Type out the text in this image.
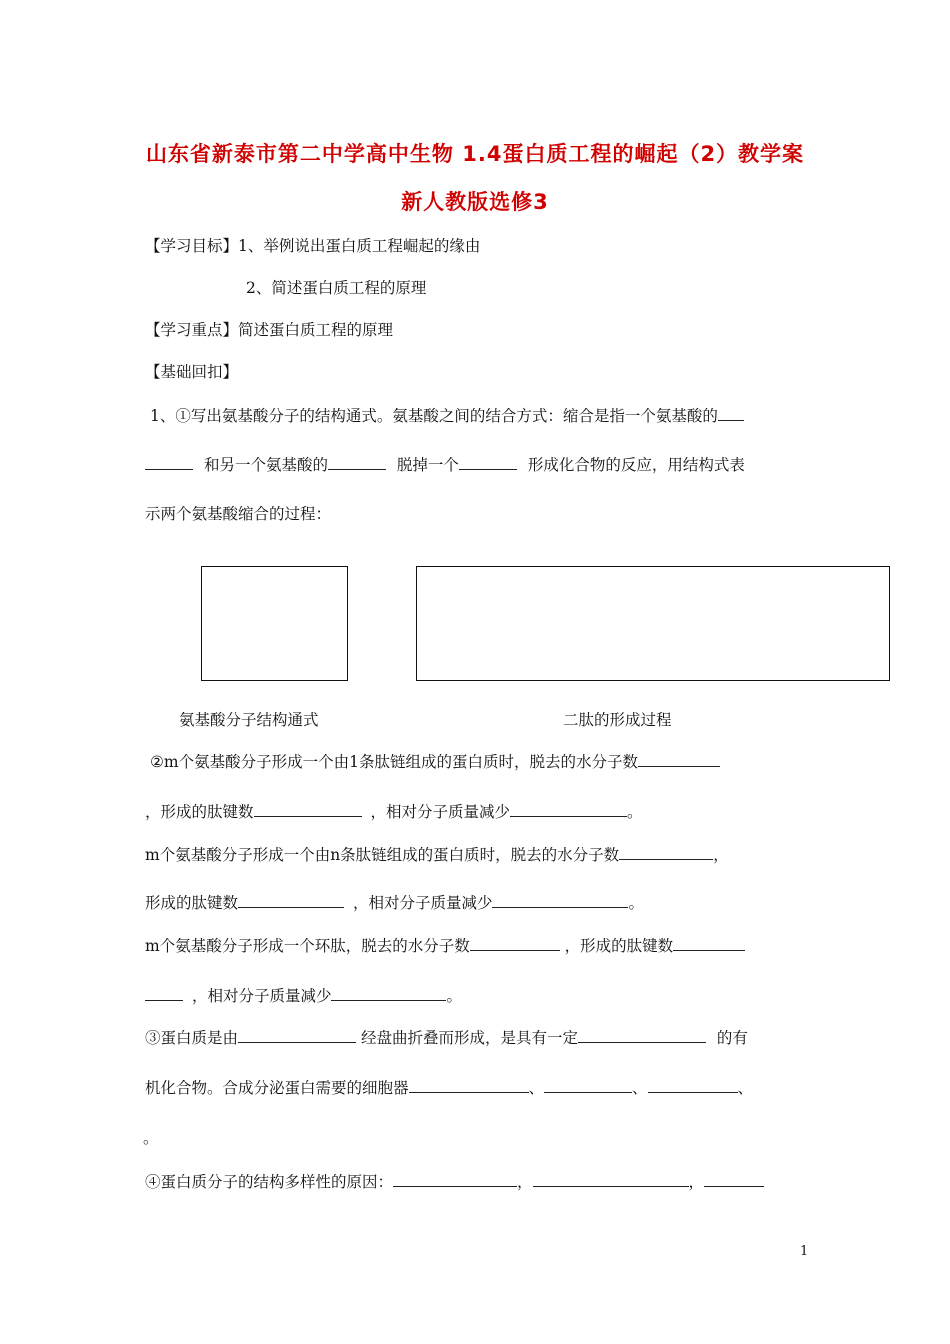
山东省新泰市第二中学高中生物 1.4蛋白质工程的崛起（2）教学案
新人教版选修3
【学习目标】1、举例说出蛋白质工程崛起的缘由
2、简述蛋白质工程的原理
【学习重点】简述蛋白质工程的原理
【基础回扣】
1、①写出氨基酸分子的结构通式。氨基酸之间的结合方式：缩合是指一个氨基酸的
和另一个氨基酸的	脱掉一个	形成化合物的反应，用结构式表
示两个氨基酸缩合的过程：
氨基酸分子结构通式	二肽的形成过程
②m个氨基酸分子形成一个由1条肽链组成的蛋白质时，脱去的水分子数
，形成的肽键数	，相对分子质量减少	。
m个氨基酸分子形成一个由n条肽链组成的蛋白质时，脱去的水分子数	，
形成的肽键数	，相对分子质量减少	。
m个氨基酸分子形成一个环肽，脱去的水分子数	，形成的肽键数
，相对分子质量减少	。
③蛋白质是由	经盘曲折叠而形成，是具有一定	的有
机化合物。合成分泌蛋白需要的细胞器	、	、	、
。
④蛋白质分子的结构多样性的原因：	，	，
1
